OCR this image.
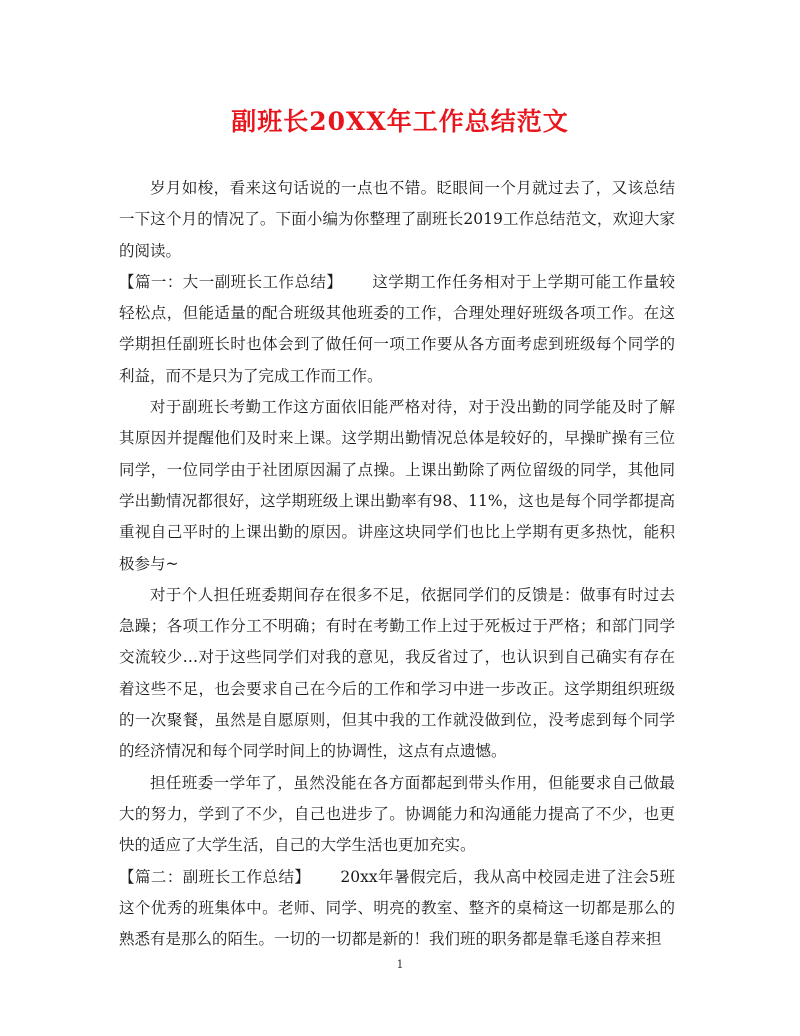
副班长20XX年工作总结范文

岁月如梭，看来这句话说的一点也不错。眨眼间一个月就过去了，又该总结一下这个月的情况了。下面小编为你整理了副班长2019工作总结范文，欢迎大家的阅读。

【篇一：大一副班长工作总结】 这学期工作任务相对于上学期可能工作量较轻松点，但能适量的配合班级其他班委的工作，合理处理好班级各项工作。在这学期担任副班长时也体会到了做任何一项工作要从各方面考虑到班级每个同学的利益，而不是只为了完成工作而工作。

对于副班长考勤工作这方面依旧能严格对待，对于没出勤的同学能及时了解其原因并提醒他们及时来上课。这学期出勤情况总体是较好的，早操旷操有三位同学，一位同学由于社团原因漏了点操。上课出勤除了两位留级的同学，其他同学出勤情况都很好，这学期班级上课出勤率有98、11%，这也是每个同学都提高重视自己平时的上课出勤的原因。讲座这块同学们也比上学期有更多热忱，能积极参与~

对于个人担任班委期间存在很多不足，依据同学们的反馈是：做事有时过去急躁；各项工作分工不明确；有时在考勤工作上过于死板过于严格；和部门同学交流较少…对于这些同学们对我的意见，我反省过了，也认识到自己确实有存在着这些不足，也会要求自己在今后的工作和学习中进一步改正。这学期组织班级的一次聚餐，虽然是自愿原则，但其中我的工作就没做到位，没考虑到每个同学的经济情况和每个同学时间上的协调性，这点有点遗憾。

担任班委一学年了，虽然没能在各方面都起到带头作用，但能要求自己做最大的努力，学到了不少，自己也进步了。协调能力和沟通能力提高了不少，也更快的适应了大学生活，自己的大学生活也更加充实。

【篇二：副班长工作总结】 20xx年暑假完后，我从高中校园走进了注会5班这个优秀的班集体中。老师、同学、明亮的教室、整齐的桌椅这一切都是那么的熟悉有是那么的陌生。一切的一切都是新的！我们班的职务都是靠毛遂自荐来担

1
